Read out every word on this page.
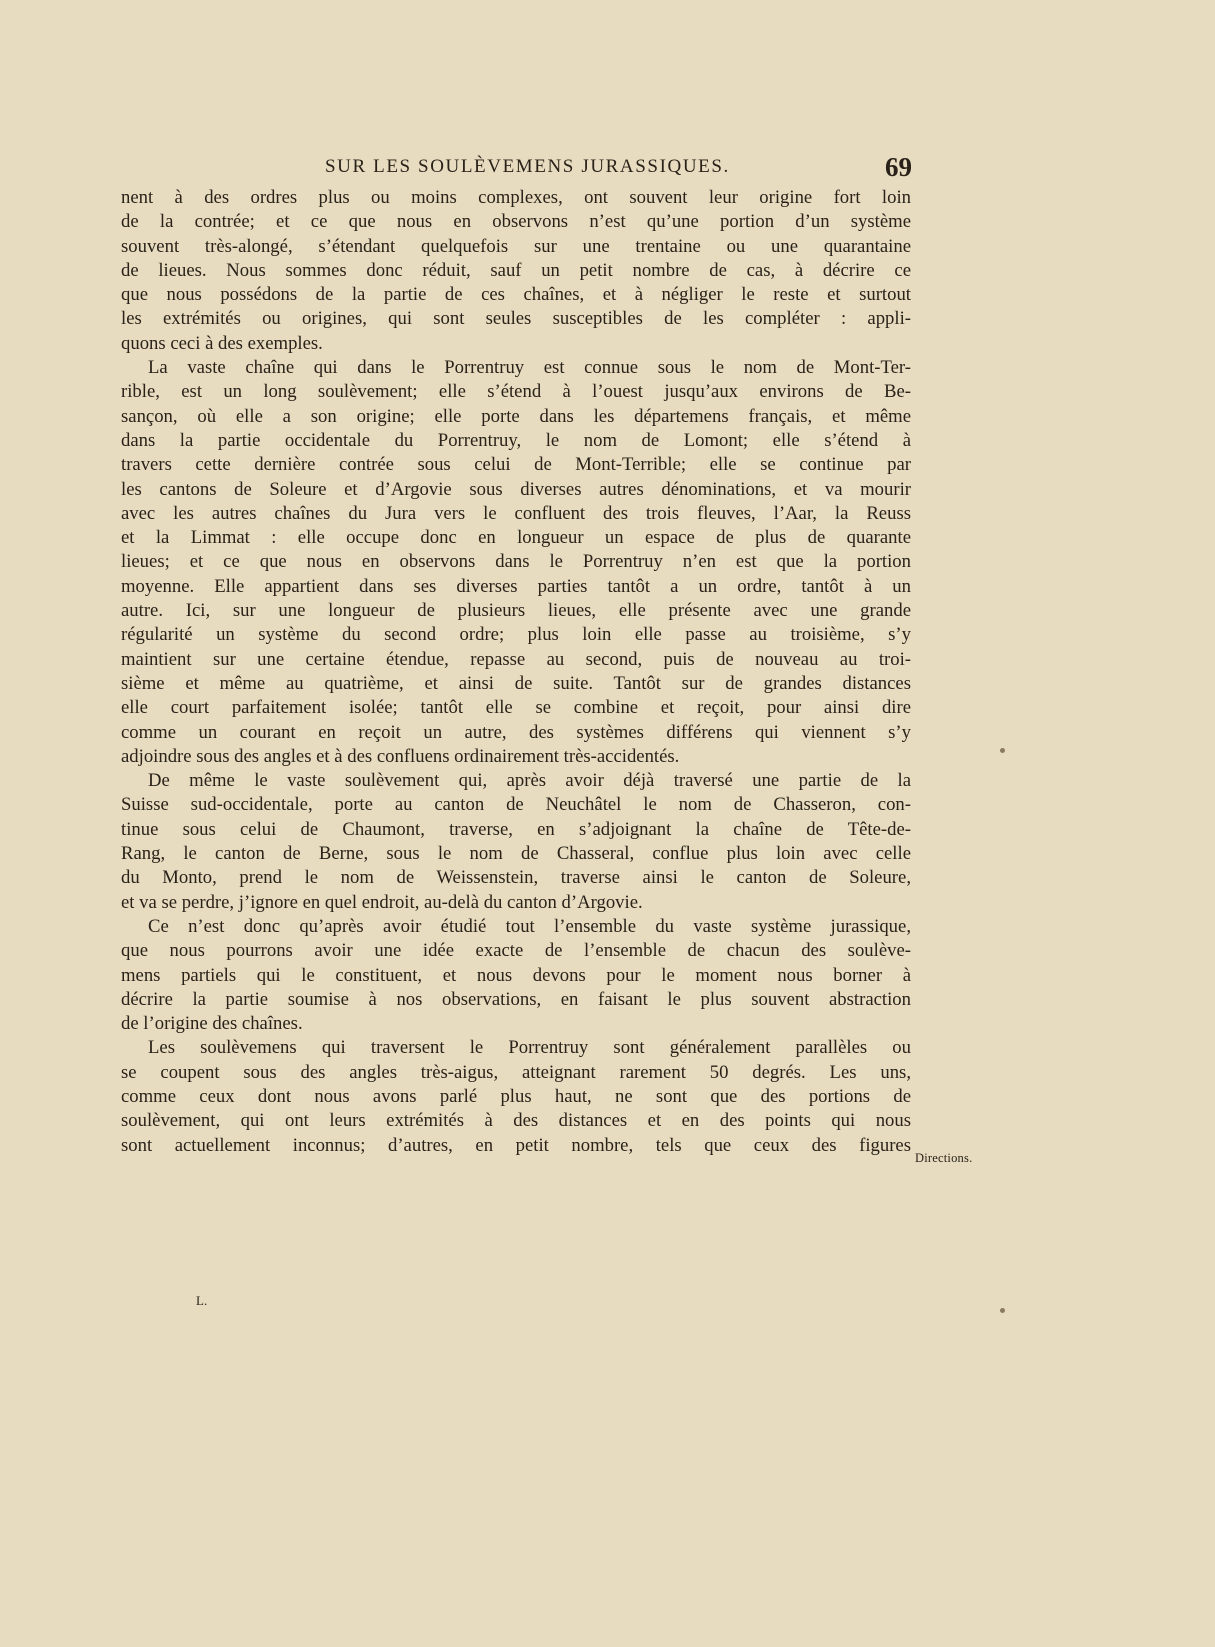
SUR LES SOULÈVEMENS JURASSIQUES.	69
nent à des ordres plus ou moins complexes, ont souvent leur origine fort loin
de la contrée; et ce que nous en observons n’est qu’une portion d’un système
souvent très-alongé, s’étendant quelquefois sur une trentaine ou une quarantaine
de lieues. Nous sommes donc réduit, sauf un petit nombre de cas, à décrire ce
que nous possédons de la partie de ces chaînes, et à négliger le reste et surtout
les extrémités ou origines, qui sont seules susceptibles de les compléter : appli-
quons ceci à des exemples.
La vaste chaîne qui dans le Porrentruy est connue sous le nom de Mont-Ter-
rible, est un long soulèvement; elle s’étend à l’ouest jusqu’aux environs de Be-
sançon, où elle a son origine; elle porte dans les départemens français, et même
dans la partie occidentale du Porrentruy, le nom de Lomont; elle s’étend à
travers cette dernière contrée sous celui de Mont-Terrible; elle se continue par
les cantons de Soleure et d’Argovie sous diverses autres dénominations, et va mourir
avec les autres chaînes du Jura vers le confluent des trois fleuves, l’Aar, la Reuss
et la Limmat : elle occupe donc en longueur un espace de plus de quarante
lieues; et ce que nous en observons dans le Porrentruy n’en est que la portion
moyenne. Elle appartient dans ses diverses parties tantôt a un ordre, tantôt à un
autre. Ici, sur une longueur de plusieurs lieues, elle présente avec une grande
régularité un système du second ordre; plus loin elle passe au troisième, s’y
maintient sur une certaine étendue, repasse au second, puis de nouveau au troi-
sième et même au quatrième, et ainsi de suite. Tantôt sur de grandes distances
elle court parfaitement isolée; tantôt elle se combine et reçoit, pour ainsi dire
comme un courant en reçoit un autre, des systèmes différens qui viennent s’y
adjoindre sous des angles et à des confluens ordinairement très-accidentés.
De même le vaste soulèvement qui, après avoir déjà traversé une partie de la
Suisse sud-occidentale, porte au canton de Neuchâtel le nom de Chasseron, con-
tinue sous celui de Chaumont, traverse, en s’adjoignant la chaîne de Tête-de-
Rang, le canton de Berne, sous le nom de Chasseral, conflue plus loin avec celle
du Monto, prend le nom de Weissenstein, traverse ainsi le canton de Soleure,
et va se perdre, j’ignore en quel endroit, au-delà du canton d’Argovie.
Ce n’est donc qu’après avoir étudié tout l’ensemble du vaste système jurassique,
que nous pourrons avoir une idée exacte de l’ensemble de chacun des soulève-
mens partiels qui le constituent, et nous devons pour le moment nous borner à
décrire la partie soumise à nos observations, en faisant le plus souvent abstraction
de l’origine des chaînes.
Les soulèvemens qui traversent le Porrentruy sont généralement parallèles ou
se coupent sous des angles très-aigus, atteignant rarement 50 degrés. Les uns,
comme ceux dont nous avons parlé plus haut, ne sont que des portions de
soulèvement, qui ont leurs extrémités à des distances et en des points qui nous
sont actuellement inconnus; d’autres, en petit nombre, tels que ceux des figures
Directions.
L.
